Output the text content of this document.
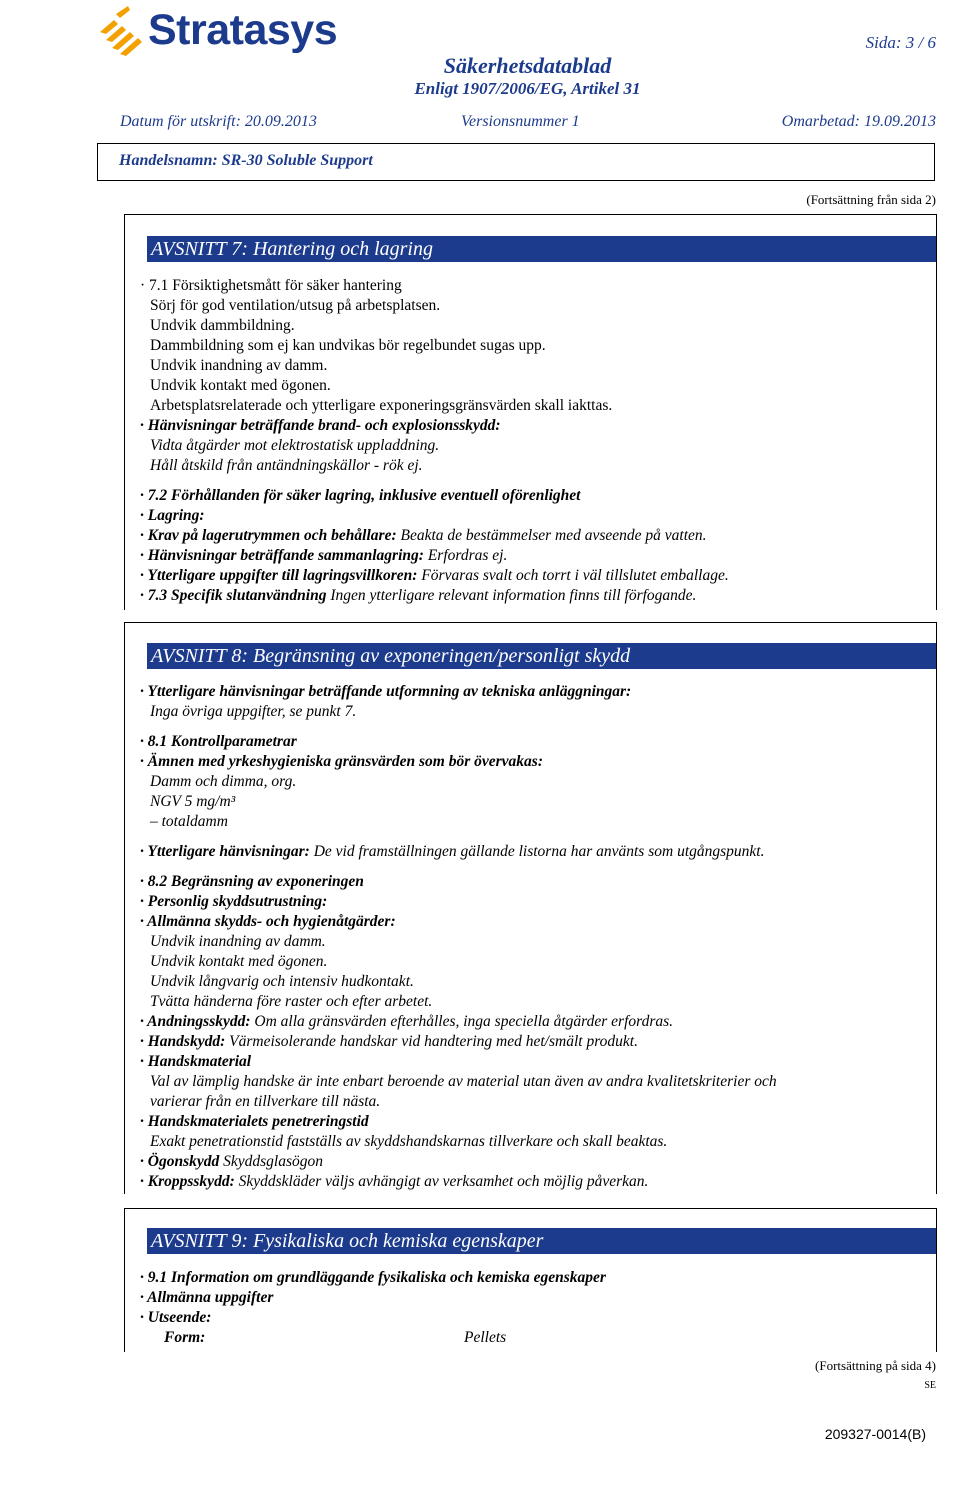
Stratasys	Sida: 3 / 6
Säkerhetsdatablad
Enligt 1907/2006/EG, Artikel 31
Datum för utskrift: 20.09.2013	Versionsnummer 1	Omarbetad: 19.09.2013
Handelsnamn: SR-30 Soluble Support
(Fortsättning från sida 2)
AVSNITT 7: Hantering och lagring
· 7.1 Försiktighetsmått för säker hantering
Sörj för god ventilation/utsug på arbetsplatsen.
Undvik dammbildning.
Dammbildning som ej kan undvikas bör regelbundet sugas upp.
Undvik inandning av damm.
Undvik kontakt med ögonen.
Arbetsplatsrelaterade och ytterligare exponeringsgränsvärden skall iakttas.
· Hänvisningar beträffande brand- och explosionsskydd:
Vidta åtgärder mot elektrostatisk uppladdning.
Håll åtskild från antändningskällor - rök ej.
· 7.2 Förhållanden för säker lagring, inklusive eventuell oförenlighet
· Lagring:
· Krav på lagerutrymmen och behållare: Beakta de bestämmelser med avseende på vatten.
· Hänvisningar beträffande sammanlagring: Erfordras ej.
· Ytterligare uppgifter till lagringsvillkoren: Förvaras svalt och torrt i väl tillslutet emballage.
· 7.3 Specifik slutanvändning Ingen ytterligare relevant information finns till förfogande.
AVSNITT 8: Begränsning av exponeringen/personligt skydd
· Ytterligare hänvisningar beträffande utformning av tekniska anläggningar:
Inga övriga uppgifter, se punkt 7.
· 8.1 Kontrollparametrar
· Ämnen med yrkeshygieniska gränsvärden som bör övervakas:
Damm och dimma, org.
NGV 5 mg/m³
– totaldamm
· Ytterligare hänvisningar: De vid framställningen gällande listorna har använts som utgångspunkt.
· 8.2 Begränsning av exponeringen
· Personlig skyddsutrustning:
· Allmänna skydds- och hygienåtgärder:
Undvik inandning av damm.
Undvik kontakt med ögonen.
Undvik långvarig och intensiv hudkontakt.
Tvätta händerna före raster och efter arbetet.
· Andningsskydd: Om alla gränsvärden efterhålles, inga speciella åtgärder erfordras.
· Handskydd: Värmeisolerande handskar vid handtering med het/smält produkt.
· Handskmaterial
Val av lämplig handske är inte enbart beroende av material utan även av andra kvalitetskriterier och
varierar från en tillverkare till nästa.
· Handskmaterialets penetreringstid
Exakt penetrationstid fastställs av skyddshandskarnas tillverkare och skall beaktas.
· Ögonskydd Skyddsglasögon
· Kroppsskydd: Skyddskläder väljs avhängigt av verksamhet och möjlig påverkan.
AVSNITT 9: Fysikaliska och kemiska egenskaper
· 9.1 Information om grundläggande fysikaliska och kemiska egenskaper
· Allmänna uppgifter
· Utseende:
Form:	Pellets
(Fortsättning på sida 4)
SE
209327-0014(B)
